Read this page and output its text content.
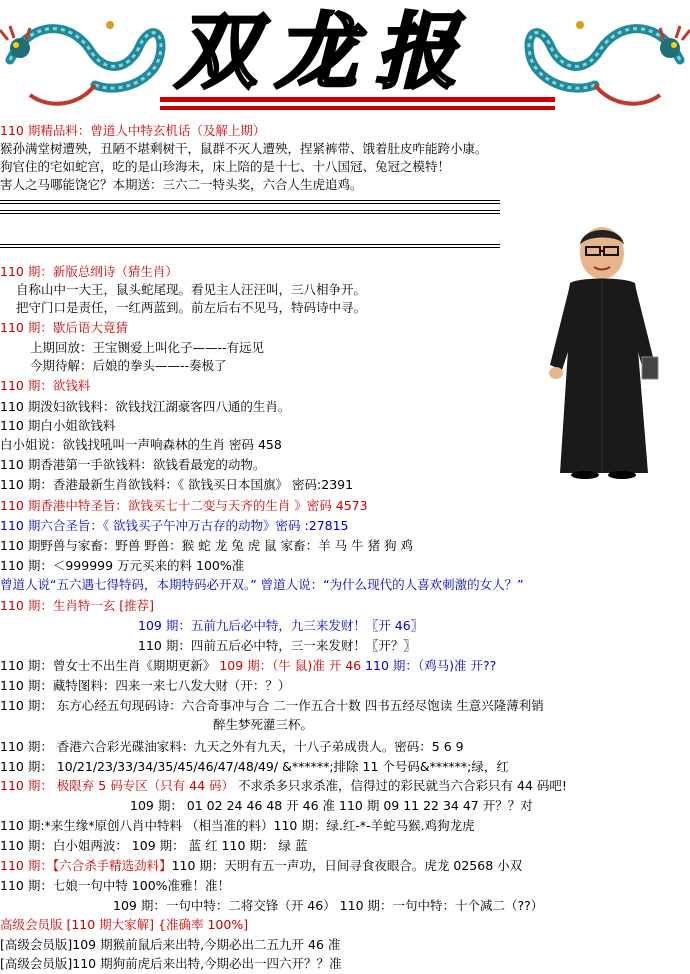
双龙报
110 期精品料：曾道人中特玄机话（及解上期）
猴孙满堂树遭殃，丑陋不堪剩树干，鼠群不灭人遭殃，捏紧裤带、饿着肚皮咋能跨小康。
狗官住的宅如蛇宫，吃的是山珍海未，床上陪的是十七、十八国冠、兔冠之模特！
害人之马哪能饶它？本期送：三六二一特头奖，六合人生虎追鸡。
110 期：新版总纲诗（猜生肖）
自称山中一大王，鼠头蛇尾现。看见主人汪汪叫，三八相争开。
把守门口是责任，一红两蓝到。前左后右不见马，特码诗中寻。
110 期：歇后语大竟猜
上期回放：王宝铡爱上叫化子——--有远见
今期待解：后娘的拳头——--奏极了
110 期：欲钱料
110 期泼妇欲钱料：欲钱找江湖豪客四八通的生肖。
110 期白小姐欲钱料
白小姐说：欲钱找吼叫一声响森林的生肖 密码 458
110 期香港第一手欲钱料：欲钱看最宠的动物。
110 期：香港最新生肖欲钱料：《 欲钱买日本国旗》 密码:2391
110 期香港中特圣旨：欲钱买七十二变与天齐的生肖 》密码 4573
110 期六合圣旨：《 欲钱买子午冲万古存的动物》密码 :27815
110 期野兽与家畜：野兽 野兽：猴 蛇 龙 兔 虎 鼠 家畜：羊 马 牛 猪 狗 鸡
110 期：＜999999 万元买来的料 100%准
曾道人说“五六遇七得特码，本期特码必开双。” 曾道人说：“为什么现代的人喜欢刺激的女人？”
110 期：生肖特一玄 [推荐]
109 期：五前九后必中特，九三来发财！〖开 46〗
110 期：四前五后必中特，三一来发财！〖开？〗
110 期：曾女士不出生肖《期期更新》 109 期：（牛 鼠)准 开 46 110 期：（鸡马)准 开??
110 期：藏特图料：四来一来七八发大财（开：？）
110 期： 东方心经五句现码诗：六合奇事冲与合 二一作五合十数 四书五经尽饱读 生意兴隆薄利销
醉生梦死灌三杯。
110 期： 香港六合彩光碟油家料：九天之外有九天，十八子弟成贵人。密码：5 6 9
110 期： 10/21/23/33/34/35/45/46/47/48/49/ &******;排除 11 个号码&******;绿，红
110 期： 极限弃 5 码专区（只有 44 码） 不求杀多只求杀准，信得过的彩民就当六合彩只有 44 码吧!
109 期： 01 02 24 46 48 开 46 准 110 期 09 11 22 34 47 开？？对
110 期:*来生缘*原创八肖中特料 （相当准的料）110 期：绿.红-*-羊蛇马猴.鸡狗龙虎
110 期：白小姐两波： 109 期： 蓝 红 110 期： 绿 蓝
110 期：【六合杀手精选劲料】110 期：天明有五一声功，日间寻食夜眼合。虎龙 02568 小双
110 期：七娘一句中特 100%准雅！准！
109 期：一句中特：二将交锋（开 46） 110 期：一句中特：十个减二（??）
高级会员版 [110 期大家解] {准确率 100%]
[高级会员版]109 期猴前鼠后来出特,今期必出二五九开 46 准
[高级会员版]110 期狗前虎后来出特,今期必出一四六开？？准
